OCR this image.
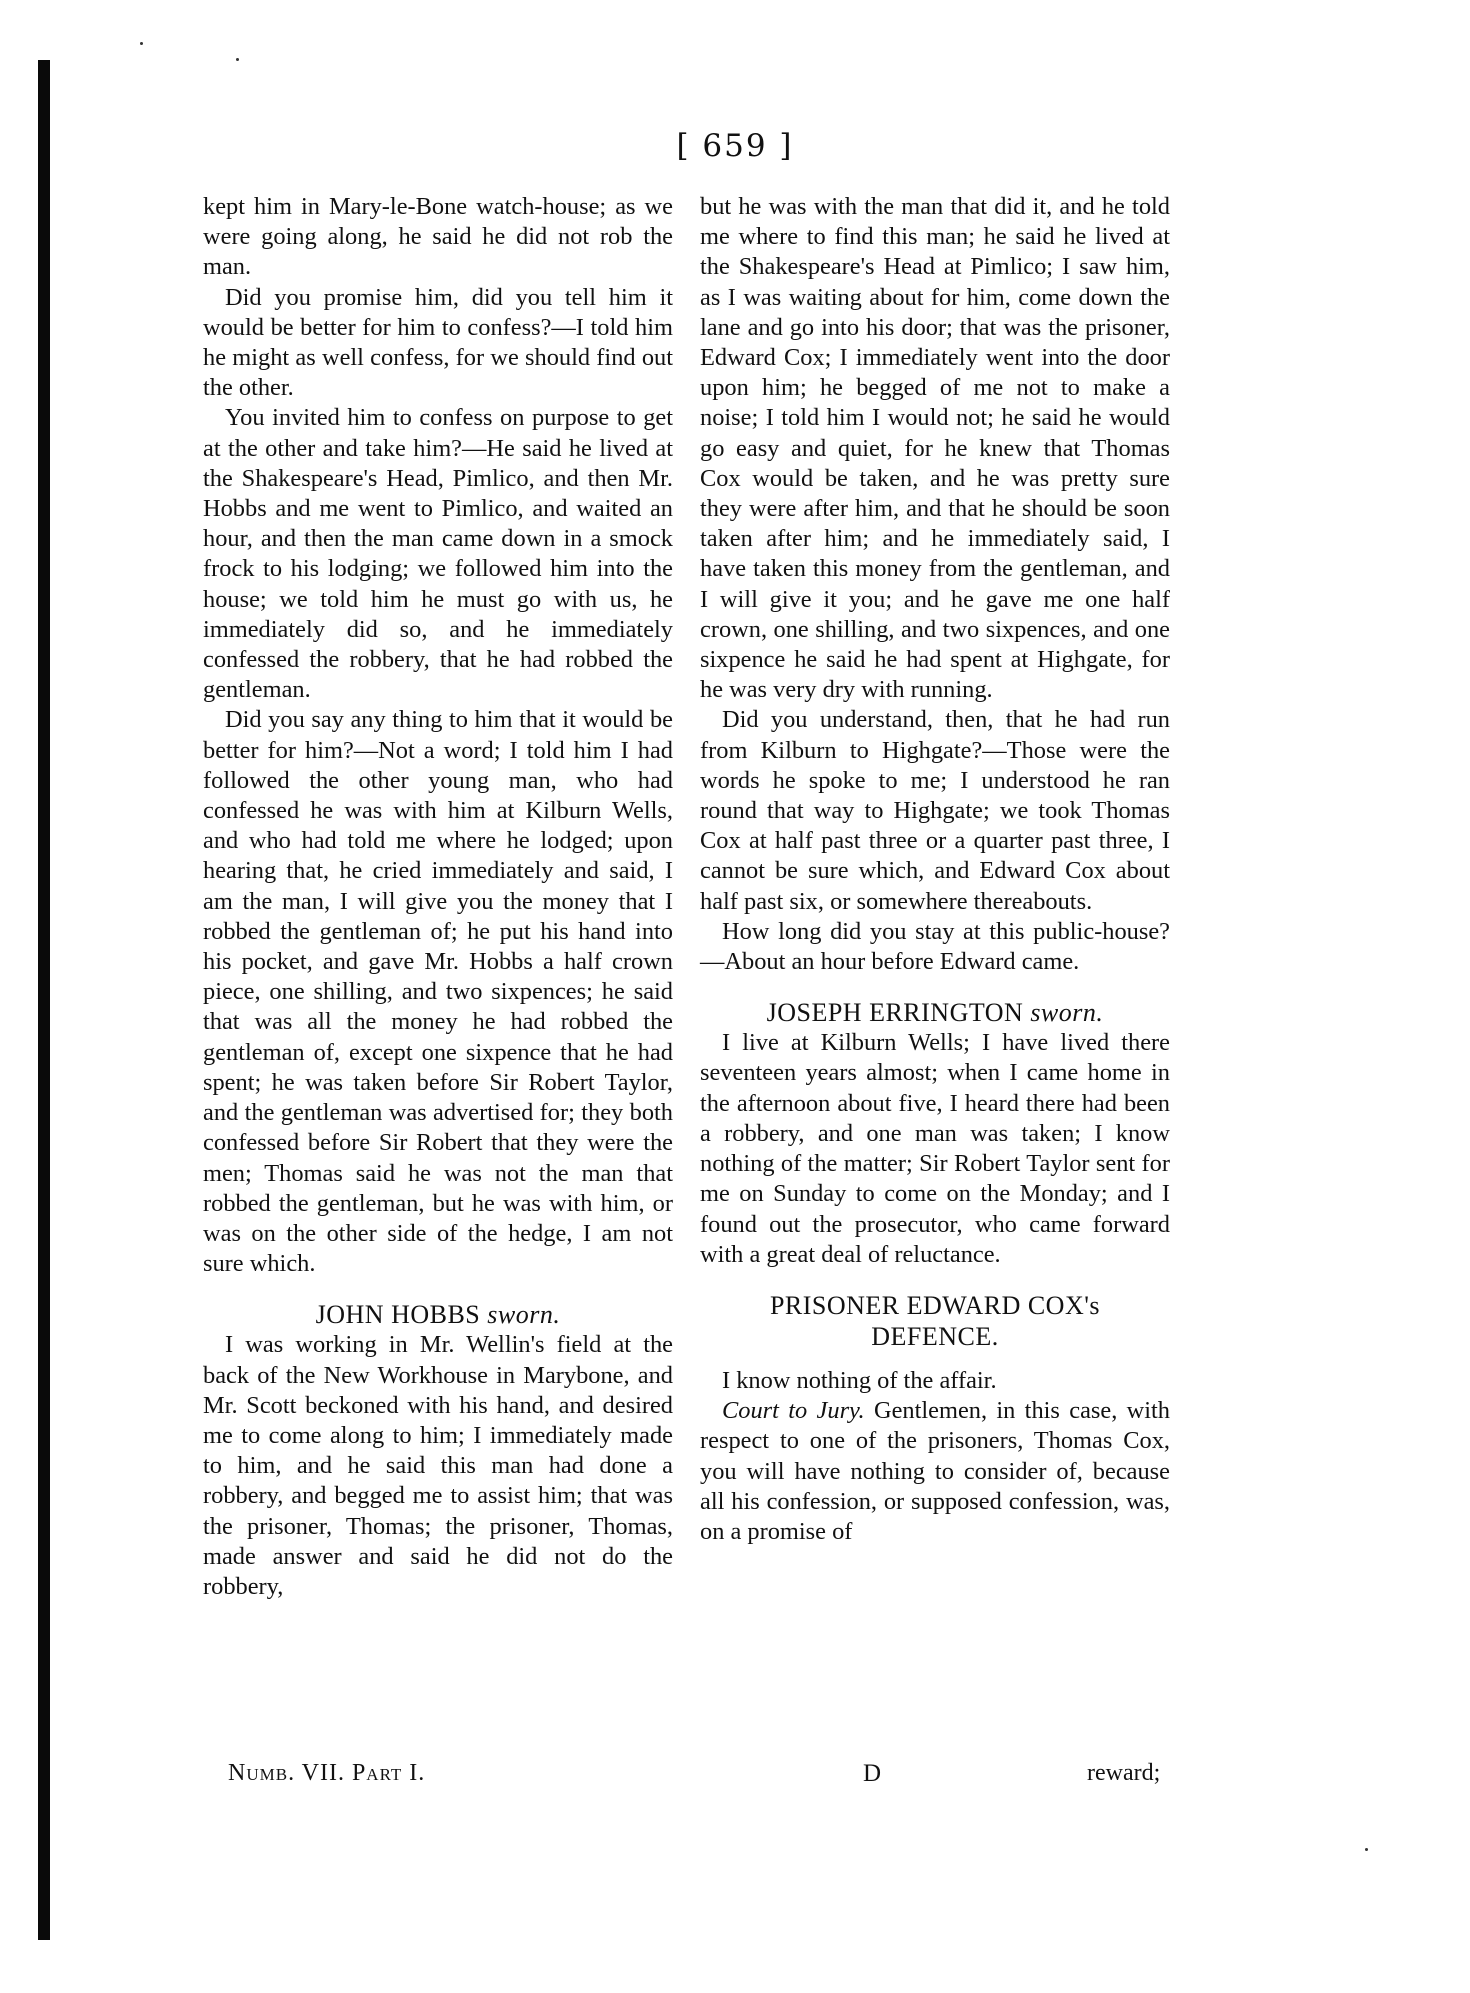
[ 659 ]

kept him in Mary-le-Bone watch-house; as we were going along, he said he did not rob the man.

Did you promise him, did you tell him it would be better for him to confess?—I told him he might as well confess, for we should find out the other.

You invited him to confess on purpose to get at the other and take him?—He said he lived at the Shakespeare's Head, Pimlico, and then Mr. Hobbs and me went to Pimlico, and waited an hour, and then the man came down in a smock frock to his lodging; we followed him into the house; we told him he must go with us, he immediately did so, and he immediately confessed the robbery, that he had robbed the gentleman.

Did you say any thing to him that it would be better for him?—Not a word; I told him I had followed the other young man, who had confessed he was with him at Kilburn Wells, and who had told me where he lodged; upon hearing that, he cried immediately and said, I am the man, I will give you the money that I robbed the gentleman of; he put his hand into his pocket, and gave Mr. Hobbs a half crown piece, one shilling, and two sixpences; he said that was all the money he had robbed the gentleman of, except one sixpence that he had spent; he was taken before Sir Robert Taylor, and the gentleman was advertised for; they both confessed before Sir Robert that they were the men; Thomas said he was not the man that robbed the gentleman, but he was with him, or was on the other side of the hedge, I am not sure which.

JOHN HOBBS sworn.

I was working in Mr. Wellin's field at the back of the New Workhouse in Marybone, and Mr. Scott beckoned with his hand, and desired me to come along to him; I immediately made to him, and he said this man had done a robbery, and begged me to assist him; that was the prisoner, Thomas; the prisoner, Thomas, made answer and said he did not do the robbery,

but he was with the man that did it, and he told me where to find this man; he said he lived at the Shakespeare's Head at Pimlico; I saw him, as I was waiting about for him, come down the lane and go into his door; that was the prisoner, Edward Cox; I immediately went into the door upon him; he begged of me not to make a noise; I told him I would not; he said he would go easy and quiet, for he knew that Thomas Cox would be taken, and he was pretty sure they were after him, and that he should be soon taken after him; and he immediately said, I have taken this money from the gentleman, and I will give it you; and he gave me one half crown, one shilling, and two sixpences, and one sixpence he said he had spent at Highgate, for he was very dry with running.

Did you understand, then, that he had run from Kilburn to Highgate?—Those were the words he spoke to me; I understood he ran round that way to Highgate; we took Thomas Cox at half past three or a quarter past three, I cannot be sure which, and Edward Cox about half past six, or somewhere thereabouts.

How long did you stay at this public-house?—About an hour before Edward came.

JOSEPH ERRINGTON sworn.

I live at Kilburn Wells; I have lived there seventeen years almost; when I came home in the afternoon about five, I heard there had been a robbery, and one man was taken; I know nothing of the matter; Sir Robert Taylor sent for me on Sunday to come on the Monday; and I found out the prosecutor, who came forward with a great deal of reluctance.

PRISONER EDWARD COX's
DEFENCE.

I know nothing of the affair.

Court to Jury. Gentlemen, in this case, with respect to one of the prisoners, Thomas Cox, you will have nothing to consider of, because all his confession, or supposed confession, was, on a promise of

Numb. VII. Part I.	D	reward;
